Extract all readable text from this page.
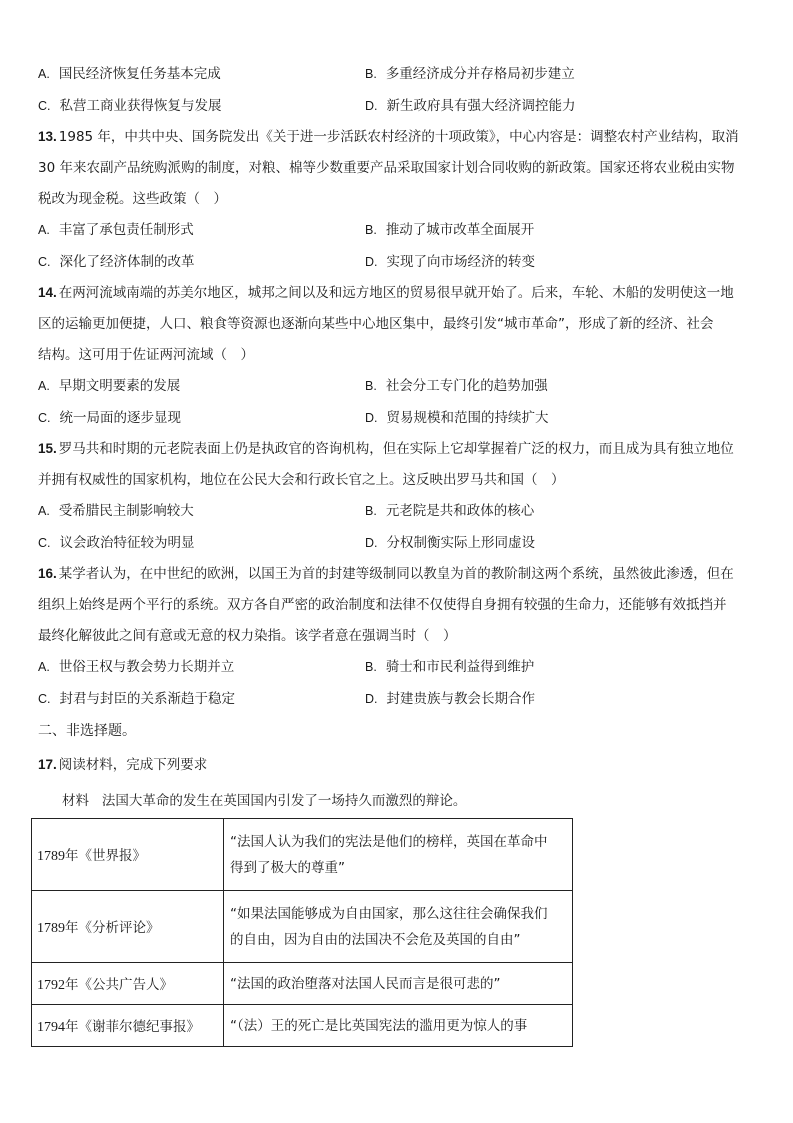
A. 国民经济恢复任务基本完成	B. 多重经济成分并存格局初步建立
C. 私营工商业获得恢复与发展	D. 新生政府具有强大经济调控能力
13. 1985 年，中共中央、国务院发出《关于进一步活跃农村经济的十项政策》，中心内容是：调整农村产业结构，取消
30 年来农副产品统购派购的制度，对粮、棉等少数重要产品采取国家计划合同收购的新政策。国家还将农业税由实物
税改为现金税。这些政策（　）
A. 丰富了承包责任制形式	B. 推动了城市改革全面展开
C. 深化了经济体制的改革	D. 实现了向市场经济的转变
14. 在两河流域南端的苏美尔地区，城邦之间以及和远方地区的贸易很早就开始了。后来，车轮、木船的发明使这一地
区的运输更加便捷，人口、粮食等资源也逐渐向某些中心地区集中，最终引发“城市革命”，形成了新的经济、社会
结构。这可用于佐证两河流域（　）
A. 早期文明要素的发展	B. 社会分工专门化的趋势加强
C. 统一局面的逐步显现	D. 贸易规模和范围的持续扩大
15. 罗马共和时期的元老院表面上仍是执政官的咨询机构，但在实际上它却掌握着广泛的权力，而且成为具有独立地位
并拥有权威性的国家机构，地位在公民大会和行政长官之上。这反映出罗马共和国（　）
A. 受希腊民主制影响较大	B. 元老院是共和政体的核心
C. 议会政治特征较为明显	D. 分权制衡实际上形同虚设
16. 某学者认为，在中世纪的欧洲，以国王为首的封建等级制同以教皇为首的教阶制这两个系统，虽然彼此渗透，但在
组织上始终是两个平行的系统。双方各自严密的政治制度和法律不仅使得自身拥有较强的生命力，还能够有效抵挡并
最终化解彼此之间有意或无意的权力染指。该学者意在强调当时（　）
A. 世俗王权与教会势力长期并立	B. 骑士和市民利益得到维护
C. 封君与封臣的关系渐趋于稳定	D. 封建贵族与教会长期合作
二、非选择题。
17. 阅读材料，完成下列要求
材料 法国大革命的发生在英国国内引发了一场持久而激烈的辩论。
1789年《世界报》	“法国人认为我们的宪法是他们的榜样，英国在革命中
得到了极大的尊重”

1789年《分析评论》	“如果法国能够成为自由国家，那么这往往会确保我们
的自由，因为自由的法国决不会危及英国的自由”

1792年《公共广告人》	“法国的政治堕落对法国人民而言是很可悲的”

1794年《谢菲尔德纪事报》	“（法）王的死亡是比英国宪法的滥用更为惊人的事
